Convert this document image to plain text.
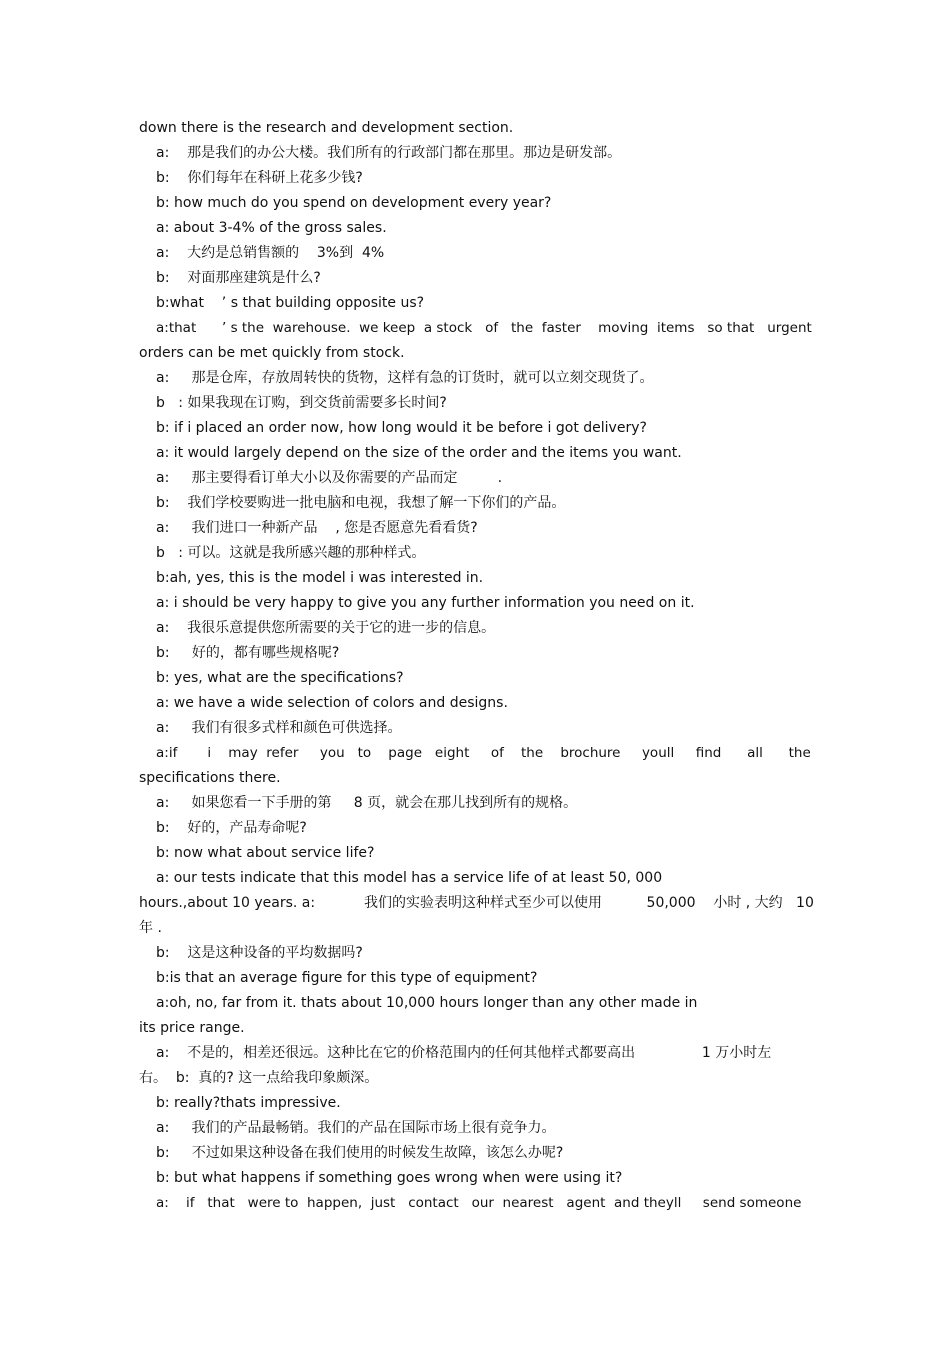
down there is the research and development section.
a:    那是我们的办公大楼。我们所有的行政部门都在那里。那边是研发部。
b:    你们每年在科研上花多少钱?
b: how much do you spend on development every year?
a: about 3-4% of the gross sales.
a:    大约是总销售额的    3%到  4%
b:    对面那座建筑是什么?
b:what    ’ s that building opposite us?
a:that      ’ s the  warehouse.  we keep  a stock   of   the  faster    moving  items   so that   urgent
orders can be met quickly from stock.
a:     那是仓库，存放周转快的货物，这样有急的订货时，就可以立刻交现货了。
b   : 如果我现在订购，到交货前需要多长时间?
b: if i placed an order now, how long would it be before i got delivery?
a: it would largely depend on the size of the order and the items you want.
a:     那主要得看订单大小以及你需要的产品而定         .
b:    我们学校要购进一批电脑和电视，我想了解一下你们的产品。
a:     我们进口一种新产品    , 您是否愿意先看看货?
b   : 可以。这就是我所感兴趣的那种样式。
b:ah, yes, this is the model i was interested in.
a: i should be very happy to give you any further information you need on it.
a:    我很乐意提供您所需要的关于它的进一步的信息。
b:     好的，都有哪些规格呢?
b: yes, what are the specifications?
a: we have a wide selection of colors and designs.
a:     我们有很多式样和颜色可供选择。
a:if       i    may  refer     you   to    page   eight     of    the    brochure     youll     find      all      the
specifications there.
a:     如果您看一下手册的第     8 页，就会在那儿找到所有的规格。
b:    好的，产品寿命呢?
b: now what about service life?
a: our tests indicate that this model has a service life of at least 50, 000
hours.,about 10 years. a:           我们的实验表明这种样式至少可以使用          50,000    小时 , 大约   10
年 .
b:    这是这种设备的平均数据吗?
b:is that an average figure for this type of equipment?
a:oh, no, far from it. thats about 10,000 hours longer than any other made in
its price range.
a:    不是的，相差还很远。这种比在它的价格范围内的任何其他样式都要高出               1 万小时左
右。  b:  真的? 这一点给我印象颇深。
b: really?thats impressive.
a:     我们的产品最畅销。我们的产品在国际市场上很有竞争力。
b:     不过如果这种设备在我们使用的时候发生故障，该怎么办呢?
b: but what happens if something goes wrong when were using it?
a:    if   that   were to  happen,  just   contact   our  nearest   agent  and theyll     send someone
